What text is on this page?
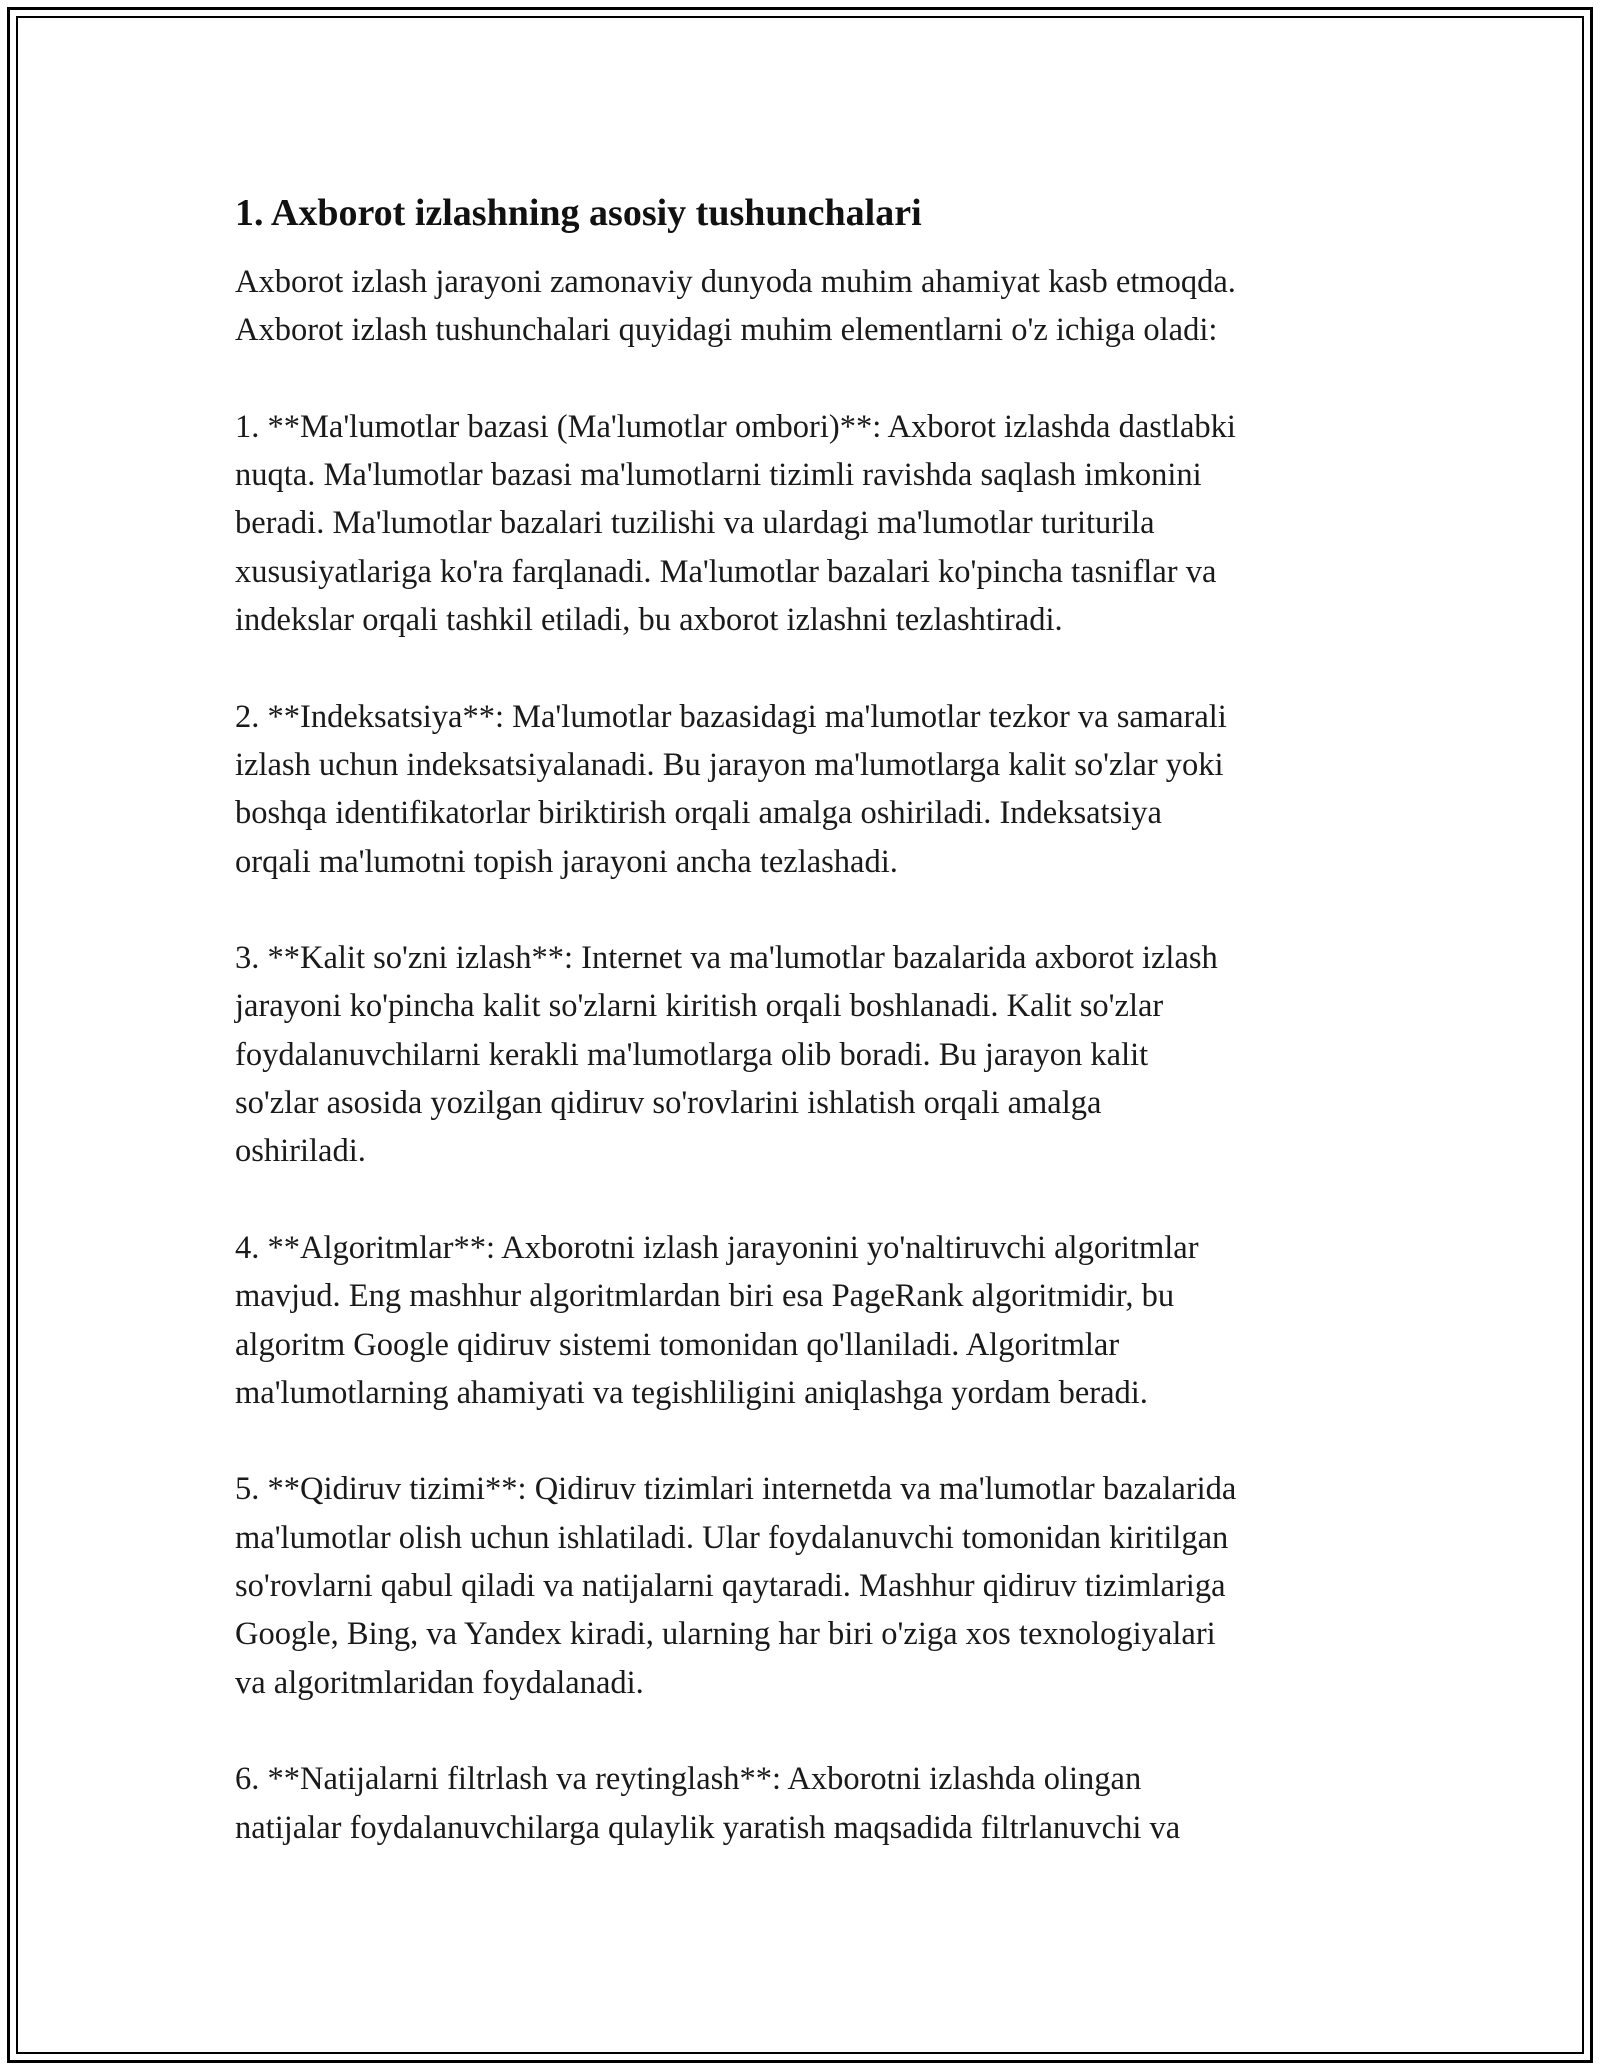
1. Axborot izlashning asosiy tushunchalari

Axborot izlash jarayoni zamonaviy dunyoda muhim ahamiyat kasb etmoqda.
Axborot izlash tushunchalari quyidagi muhim elementlarni o'z ichiga oladi:

1. **Ma'lumotlar bazasi (Ma'lumotlar ombori)**: Axborot izlashda dastlabki
nuqta. Ma'lumotlar bazasi ma'lumotlarni tizimli ravishda saqlash imkonini
beradi. Ma'lumotlar bazalari tuzilishi va ulardagi ma'lumotlar turiturila
xususiyatlariga ko'ra farqlanadi. Ma'lumotlar bazalari ko'pincha tasniflar va
indekslar orqali tashkil etiladi, bu axborot izlashni tezlashtiradi.

2. **Indeksatsiya**: Ma'lumotlar bazasidagi ma'lumotlar tezkor va samarali
izlash uchun indeksatsiyalanadi. Bu jarayon ma'lumotlarga kalit so'zlar yoki
boshqa identifikatorlar biriktirish orqali amalga oshiriladi. Indeksatsiya
orqali ma'lumotni topish jarayoni ancha tezlashadi.

3. **Kalit so'zni izlash**: Internet va ma'lumotlar bazalarida axborot izlash
jarayoni ko'pincha kalit so'zlarni kiritish orqali boshlanadi. Kalit so'zlar
foydalanuvchilarni kerakli ma'lumotlarga olib boradi. Bu jarayon kalit
so'zlar asosida yozilgan qidiruv so'rovlarini ishlatish orqali amalga
oshiriladi.

4. **Algoritmlar**: Axborotni izlash jarayonini yo'naltiruvchi algoritmlar
mavjud. Eng mashhur algoritmlardan biri esa PageRank algoritmidir, bu
algoritm Google qidiruv sistemi tomonidan qo'llaniladi. Algoritmlar
ma'lumotlarning ahamiyati va tegishliligini aniqlashga yordam beradi.

5. **Qidiruv tizimi**: Qidiruv tizimlari internetda va ma'lumotlar bazalarida
ma'lumotlar olish uchun ishlatiladi. Ular foydalanuvchi tomonidan kiritilgan
so'rovlarni qabul qiladi va natijalarni qaytaradi. Mashhur qidiruv tizimlariga
Google, Bing, va Yandex kiradi, ularning har biri o'ziga xos texnologiyalari
va algoritmlaridan foydalanadi.

6. **Natijalarni filtrlash va reytinglash**: Axborotni izlashda olingan
natijalar foydalanuvchilarga qulaylik yaratish maqsadida filtrlanuvchi va
